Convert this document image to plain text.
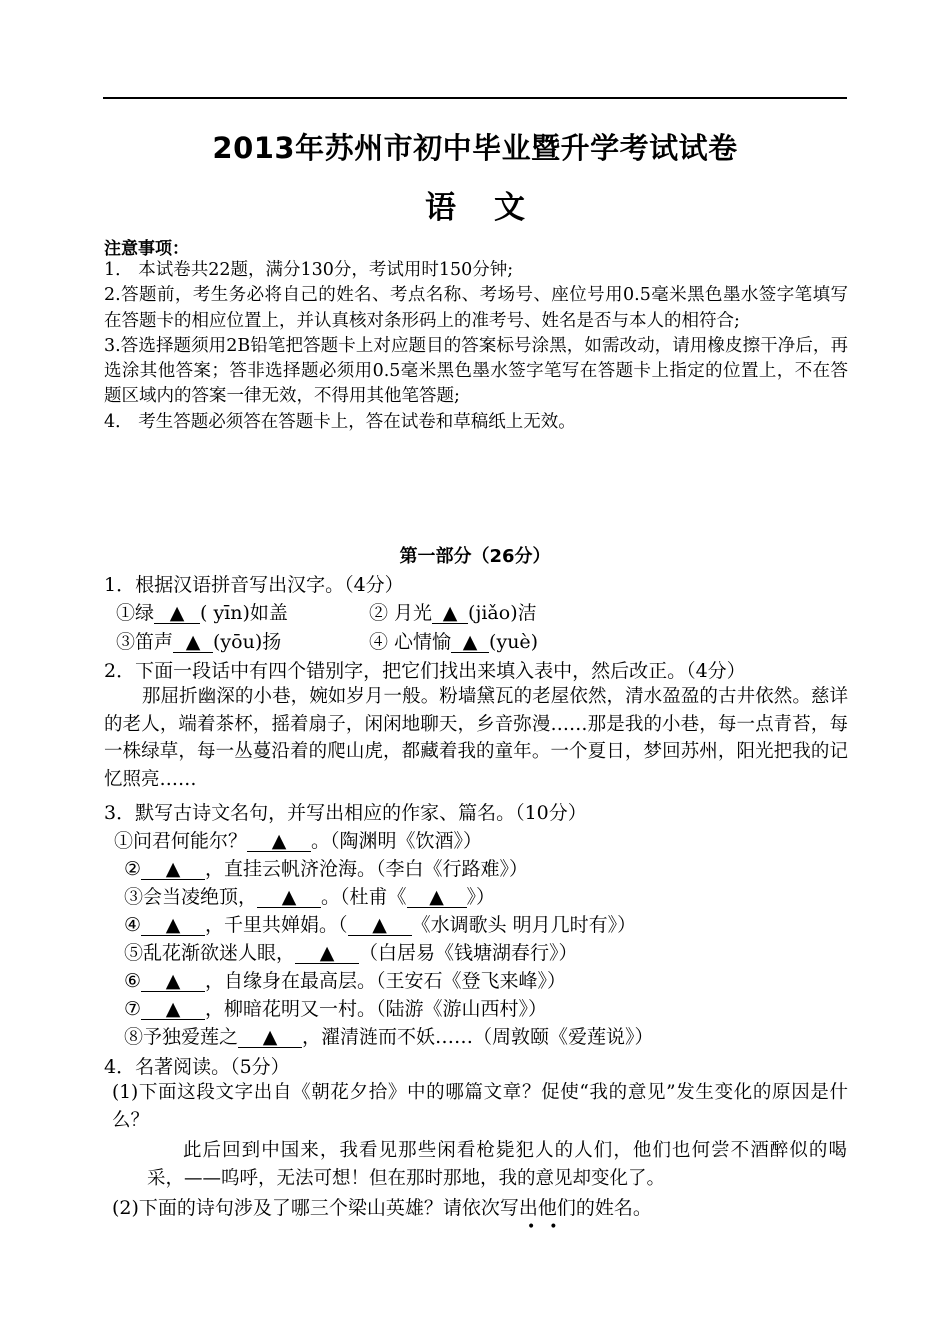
2013年苏州市初中毕业暨升学考试试卷
语文
注意事项：

1． 本试卷共22题，满分130分，考试用时150分钟;

2.答题前，考生务必将自己的姓名、考点名称、考场号、座位号用0.5毫米黑色墨水签字笔填写在答题卡的相应位置上，并认真核对条形码上的准考号、姓名是否与本人的相符合;

3.答选择题须用2B铅笔把答题卡上对应题目的答案标号涂黑，如需改动，请用橡皮擦干净后，再选涂其他答案；答非选择题必须用0.5毫米黑色墨水签字笔写在答题卡上指定的位置上，不在答题区域内的答案一律无效，不得用其他笔答题;

4． 考生答题必须答在答题卡上，答在试卷和草稿纸上无效。

第一部分（26分）
1．根据汉语拼音写出汉字。（4分）
①绿 ▲ ( yīn)如盖	② 月光 ▲ (jiǎo)洁
③笛声 ▲ (yōu)扬	④ 心情愉 ▲ (yuè)
2．下面一段话中有四个错别字，把它们找出来填入表中，然后改正。（4分）

那屈折幽深的小巷，婉如岁月一般。粉墙黛瓦的老屋依然，清水盈盈的古井依然。慈详的老人，端着茶杯，摇着扇子，闲闲地聊天，乡音弥漫……那是我的小巷，每一点青苔，每一株绿草，每一丛蔓沿着的爬山虎，都藏着我的童年。一个夏日，梦回苏州，阳光把我的记忆照亮……

3．默写古诗文名句，并写出相应的作家、篇名。（10分）
①问君何能尔？ ▲ 。（陶渊明《饮酒》）
② ▲ ，直挂云帆济沧海。（李白《行路难》）
③会当凌绝顶， ▲ 。（杜甫《 ▲ 》）
④ ▲ ，千里共婵娟。（ ▲ 《水调歌头 明月几时有》）
⑤乱花渐欲迷人眼， ▲ （白居易《钱塘湖春行》）
⑥ ▲ ，自缘身在最高层。（王安石《登飞来峰》）
⑦ ▲ ，柳暗花明又一村。（陆游《游山西村》）
⑧予独爱莲之 ▲ ，濯清涟而不妖……（周敦颐《爱莲说》）
4．名著阅读。（5分）

(1)下面这段文字出自《朝花夕拾》中的哪篇文章？促使“我的意见”发生变化的原因是什么？

此后回到中国来，我看见那些闲看枪毙犯人的人们，他们也何尝不酒醉似的喝采，——呜呼，无法可想！但在那时那地，我的意见却变化了。

(2)下面的诗句涉及了哪三个梁山英雄？请依次写出他们的姓名。
••
